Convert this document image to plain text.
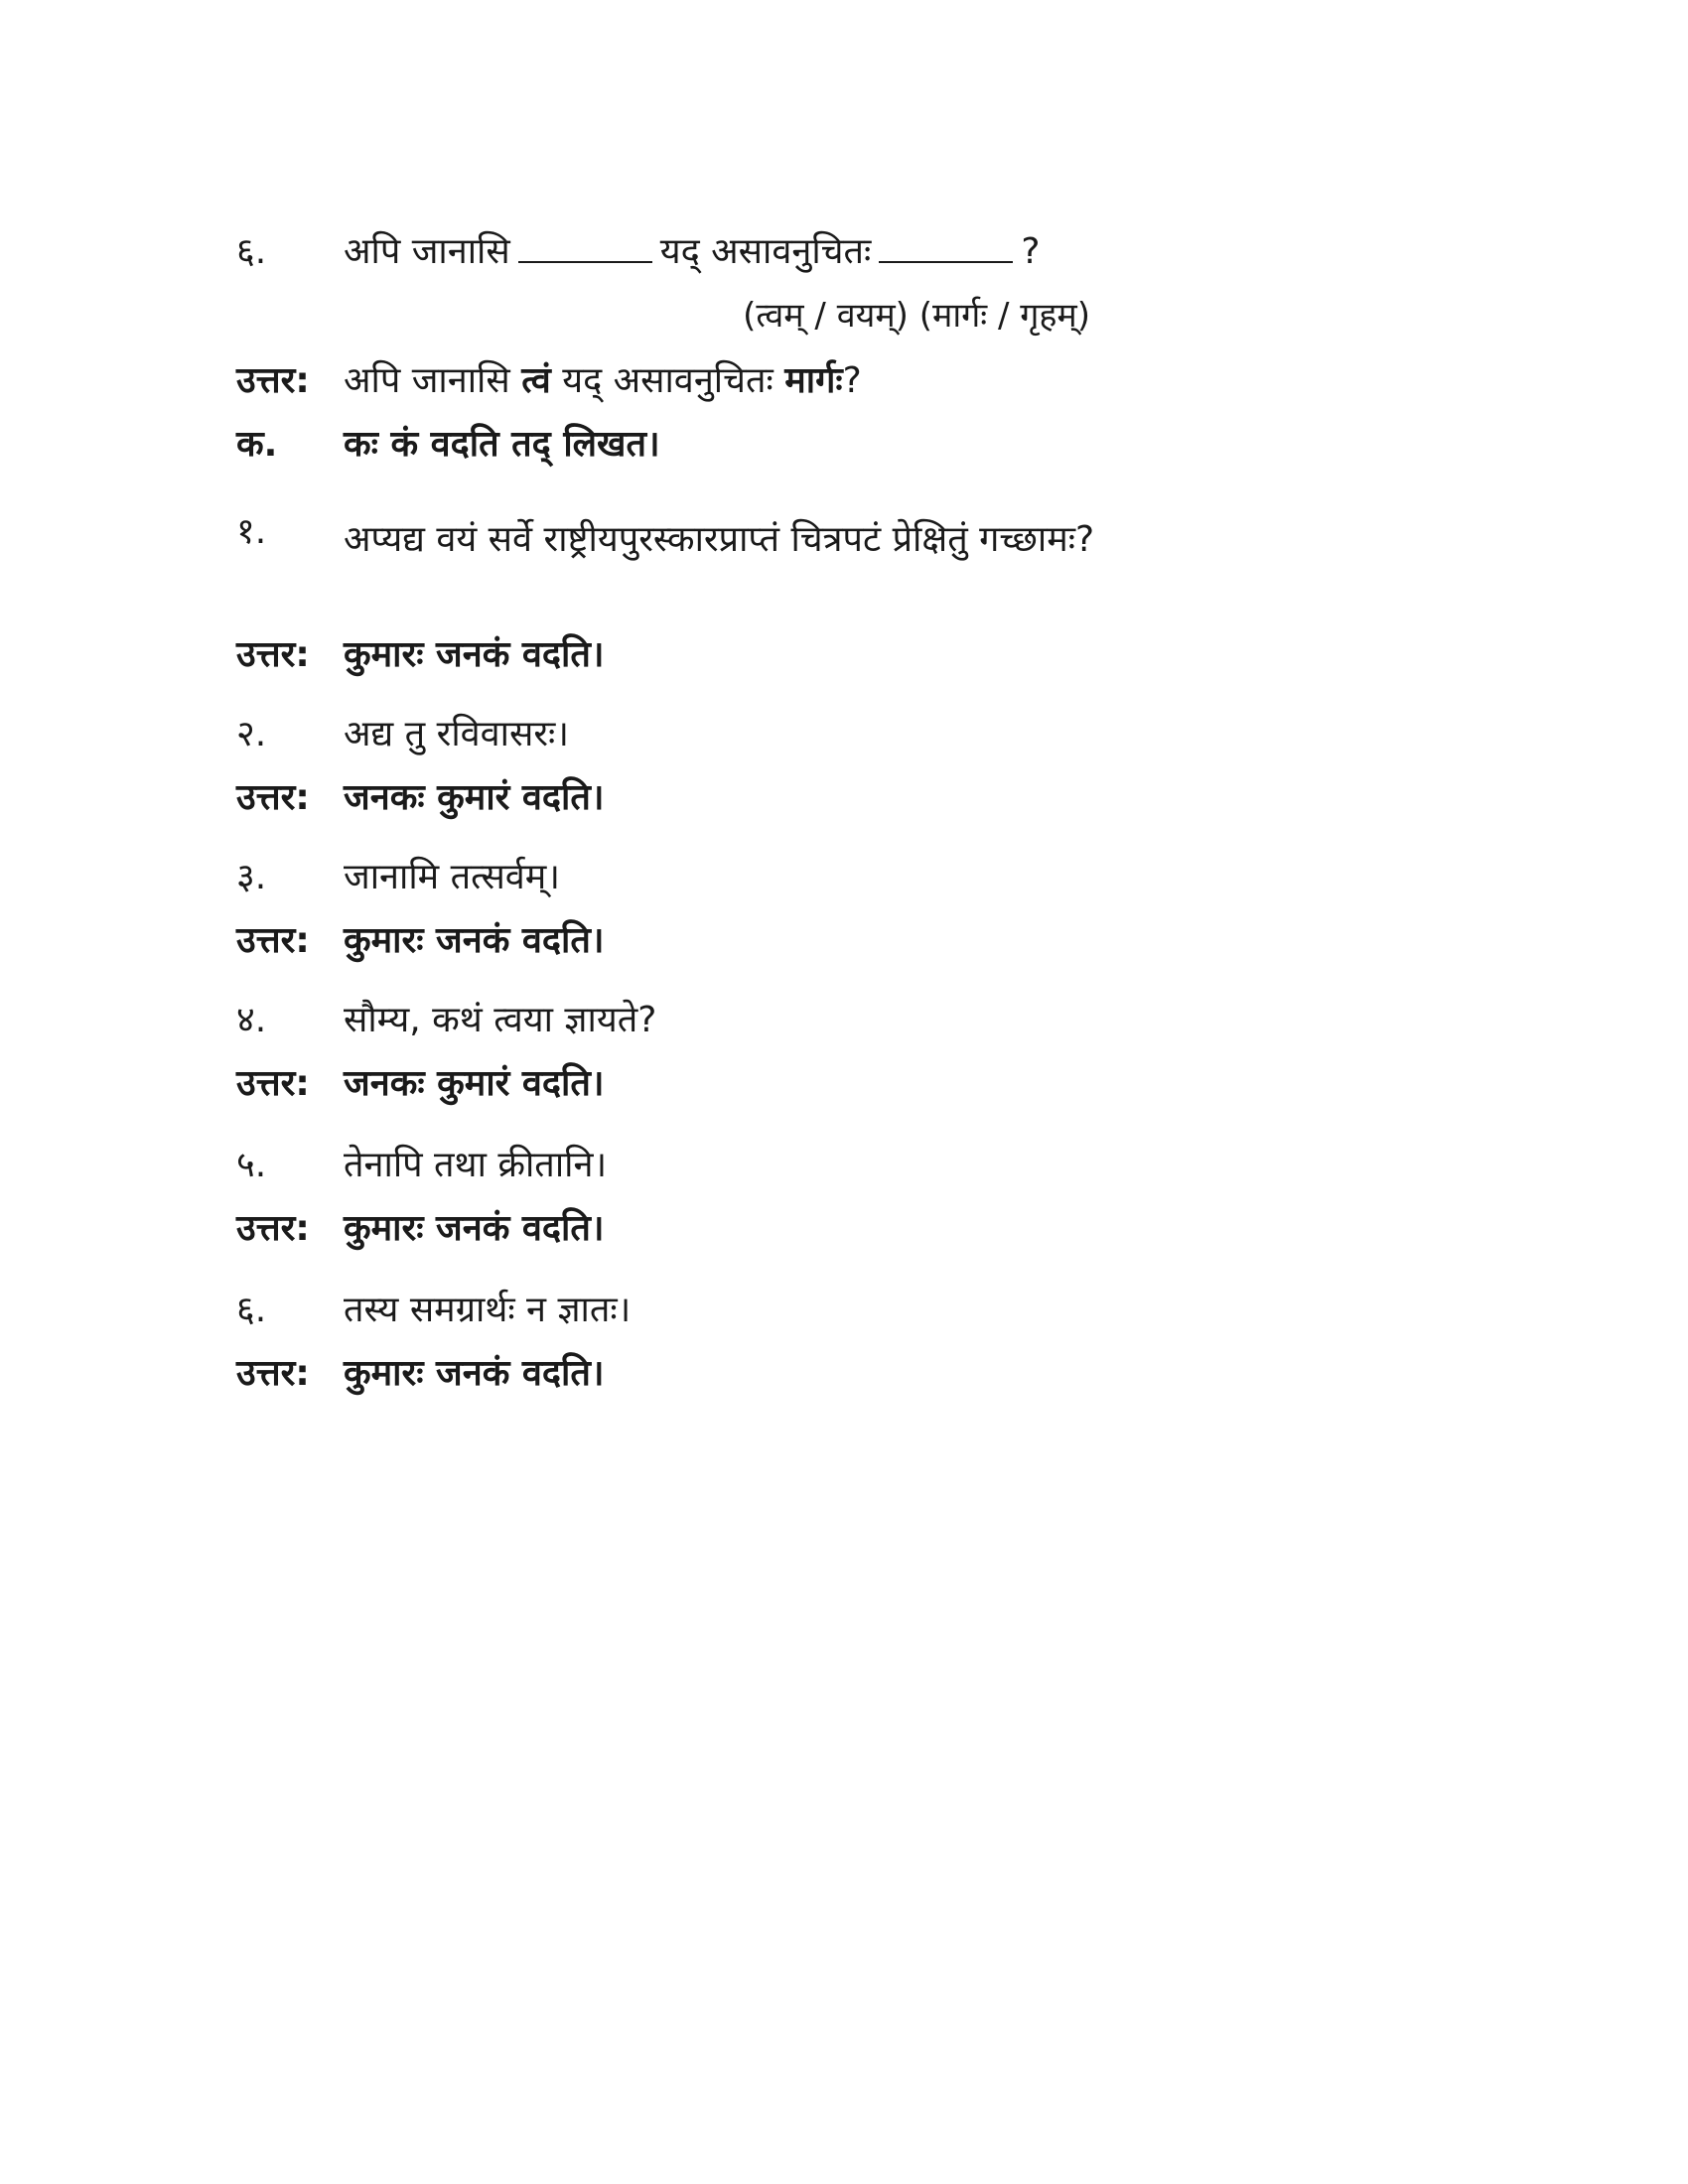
६.	अपि जानासि	यद् असावनुचितः	?
(त्वम् / वयम्) (मार्गः / गृहम्)
उत्तर: अपि जानासि त्वं यद् असावनुचितः मार्गः?
क.	कः कं वदति तद् लिखत।
१.	अप्यद्य वयं सर्वे राष्ट्रीयपुरस्कारप्राप्तं चित्रपटं प्रेक्षितुं गच्छामः?
उत्तर: कुमारः जनकं वदति।
२.	अद्य तु रविवासरः।
उत्तर: जनकः कुमारं वदति।
३.	जानामि तत्सर्वम्।
उत्तर: कुमारः जनकं वदति।
४.	सौम्य, कथं त्वया ज्ञायते?
उत्तर: जनकः कुमारं वदति।
५.	तेनापि तथा क्रीतानि।
उत्तर: कुमारः जनकं वदति।
६.	तस्य समग्रार्थः न ज्ञातः।
उत्तर: कुमारः जनकं वदति।
